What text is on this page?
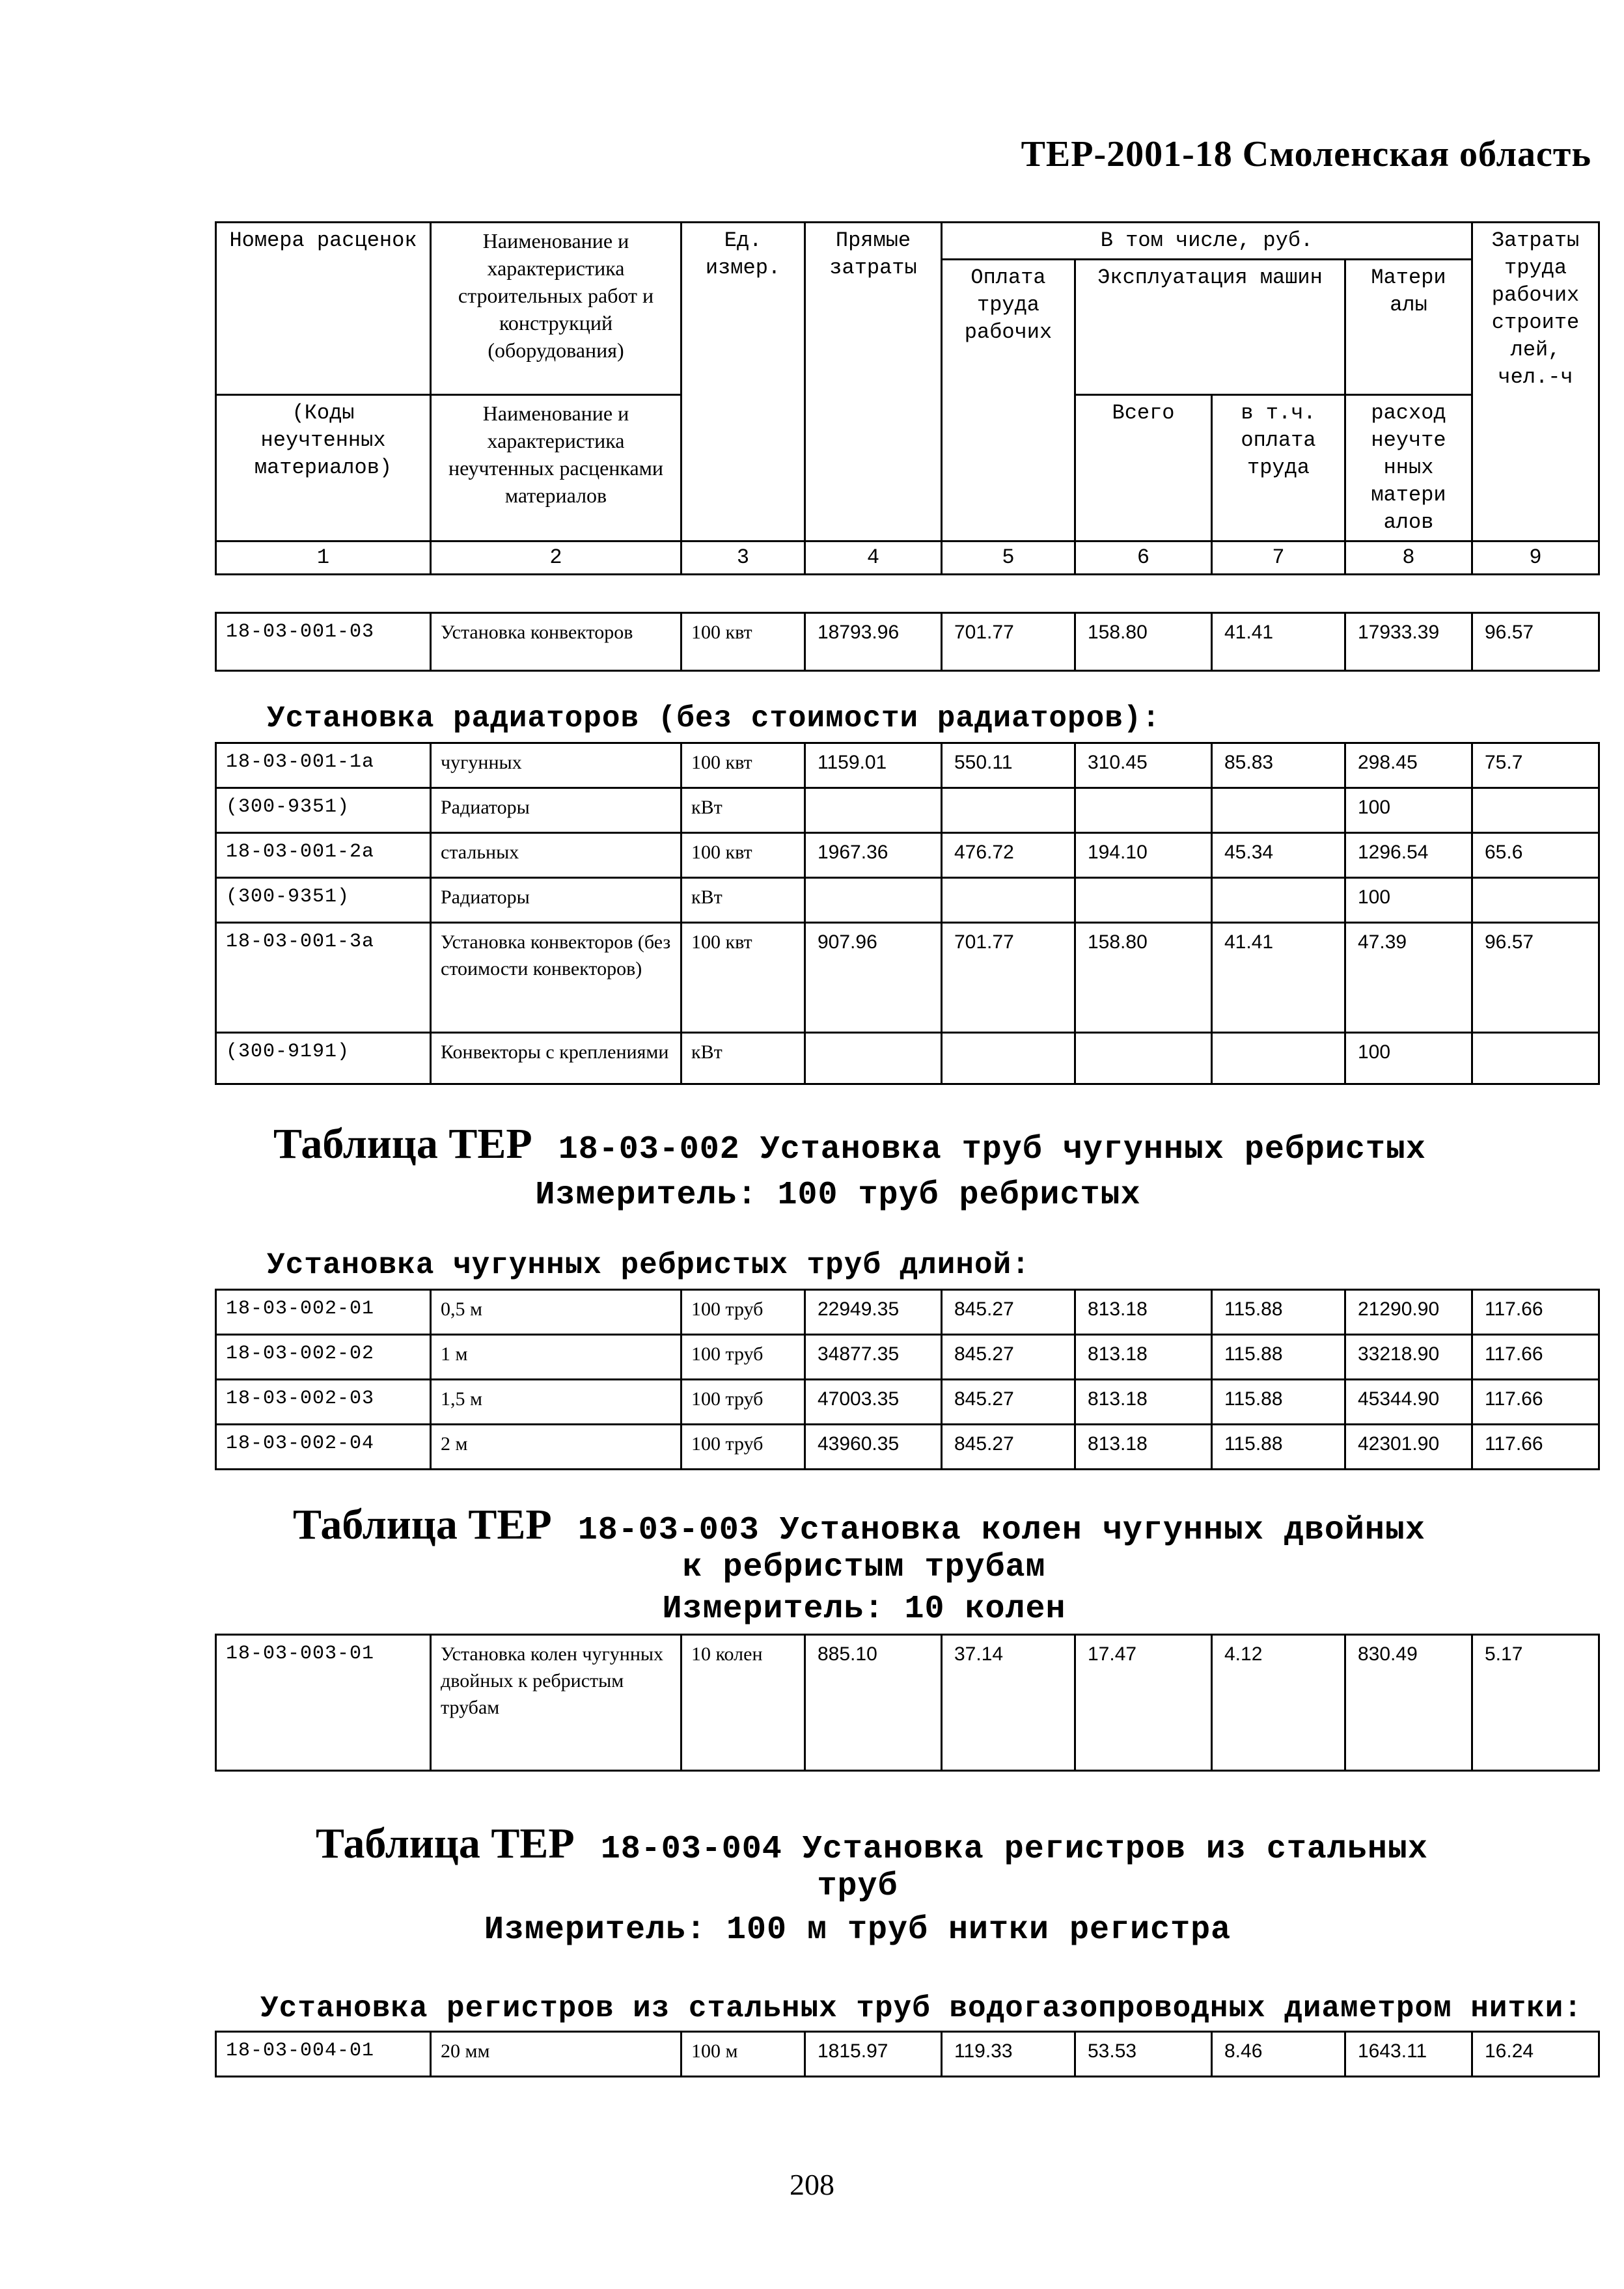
ТЕР-2001-18 Смоленская область
Номера расценок	Наименование и характеристика строительных работ и конструкций (оборудования)	Ед. измер.	Прямые затраты	В том числе, руб.				Затраты труда рабочих строите лей, чел.-ч
				Оплата труда рабочих	Эксплуатация машин		Матери алы	
(Коды неучтенных материалов)	Наименование и характеристика неучтенных расценками материалов				Всего	в т.ч. оплата труда	расход неучте нных матери алов	
1	2	3	4	5	6	7	8	9
18-03-001-03	Установка конвекторов	100 квт	18793.96	701.77	158.80	41.41	17933.39	96.57
Установка радиаторов (без стоимости радиаторов):
18-03-001-1а	чугунных	100 квт	1159.01	550.11	310.45	85.83	298.45	75.7
(300-9351)	Радиаторы	кВт					100	
18-03-001-2а	стальных	100 квт	1967.36	476.72	194.10	45.34	1296.54	65.6
(300-9351)	Радиаторы	кВт					100	
18-03-001-3а	Установка конвекторов (без стоимости конвекторов)	100 квт	907.96	701.77	158.80	41.41	47.39	96.57
(300-9191)	Конвекторы с креплениями	кВт					100	
Таблица ТЕР 18-03-002 Установка труб чугунных ребристых
Измеритель: 100 труб ребристых
Установка чугунных ребристых труб длиной:
18-03-002-01	0,5 м	100 труб	22949.35	845.27	813.18	115.88	21290.90	117.66
18-03-002-02	1 м	100 труб	34877.35	845.27	813.18	115.88	33218.90	117.66
18-03-002-03	1,5 м	100 труб	47003.35	845.27	813.18	115.88	45344.90	117.66
18-03-002-04	2 м	100 труб	43960.35	845.27	813.18	115.88	42301.90	117.66
Таблица ТЕР 18-03-003 Установка колен чугунных двойных
к ребристым трубам
Измеритель: 10 колен
18-03-003-01	Установка колен чугунных двойных к ребристым трубам	10 колен	885.10	37.14	17.47	4.12	830.49	5.17
Таблица ТЕР 18-03-004 Установка регистров из стальных
труб
Измеритель: 100 м труб нитки регистра
Установка регистров из стальных труб водогазопроводных диаметром нитки:
18-03-004-01	20 мм	100 м	1815.97	119.33	53.53	8.46	1643.11	16.24
208
